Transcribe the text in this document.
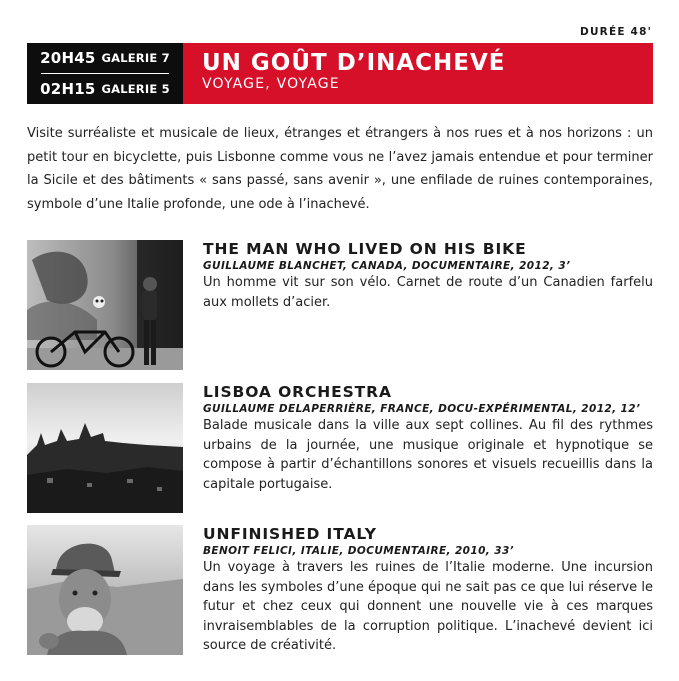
DURÉE 48'
20H45 GALERIE 7
02H15 GALERIE 5
UN GOÛT D’INACHEVÉ
VOYAGE, VOYAGE

Visite surréaliste et musicale de lieux, étranges et étrangers à nos rues et à nos horizons : un petit tour en bicyclette, puis Lisbonne comme vous ne l’avez jamais entendue et pour terminer la Sicile et des bâtiments « sans passé, sans avenir », une enfilade de ruines contemporaines, symbole d’une Italie profonde, une ode à l’inachevé.

THE MAN WHO LIVED ON HIS BIKE
GUILLAUME BLANCHET, CANADA, DOCUMENTAIRE, 2012, 3’

Un homme vit sur son vélo. Carnet de route d’un Canadien farfelu aux mollets d’acier.

LISBOA ORCHESTRA
GUILLAUME DELAPERRIÈRE, FRANCE, DOCU-EXPÉRIMENTAL, 2012, 12’

Balade musicale dans la ville aux sept collines. Au fil des rythmes urbains de la journée, une musique originale et hypnotique se compose à partir d’échantillons sonores et visuels recueillis dans la capitale portugaise.

UNFINISHED ITALY
BENOIT FELICI, ITALIE, DOCUMENTAIRE, 2010, 33’

Un voyage à travers les ruines de l’Italie moderne. Une incursion dans les symboles d’une époque qui ne sait pas ce que lui réserve le futur et chez ceux qui donnent une nouvelle vie à ces marques invraisemblables de la corruption politique. L’inachevé devient ici source de créativité.
